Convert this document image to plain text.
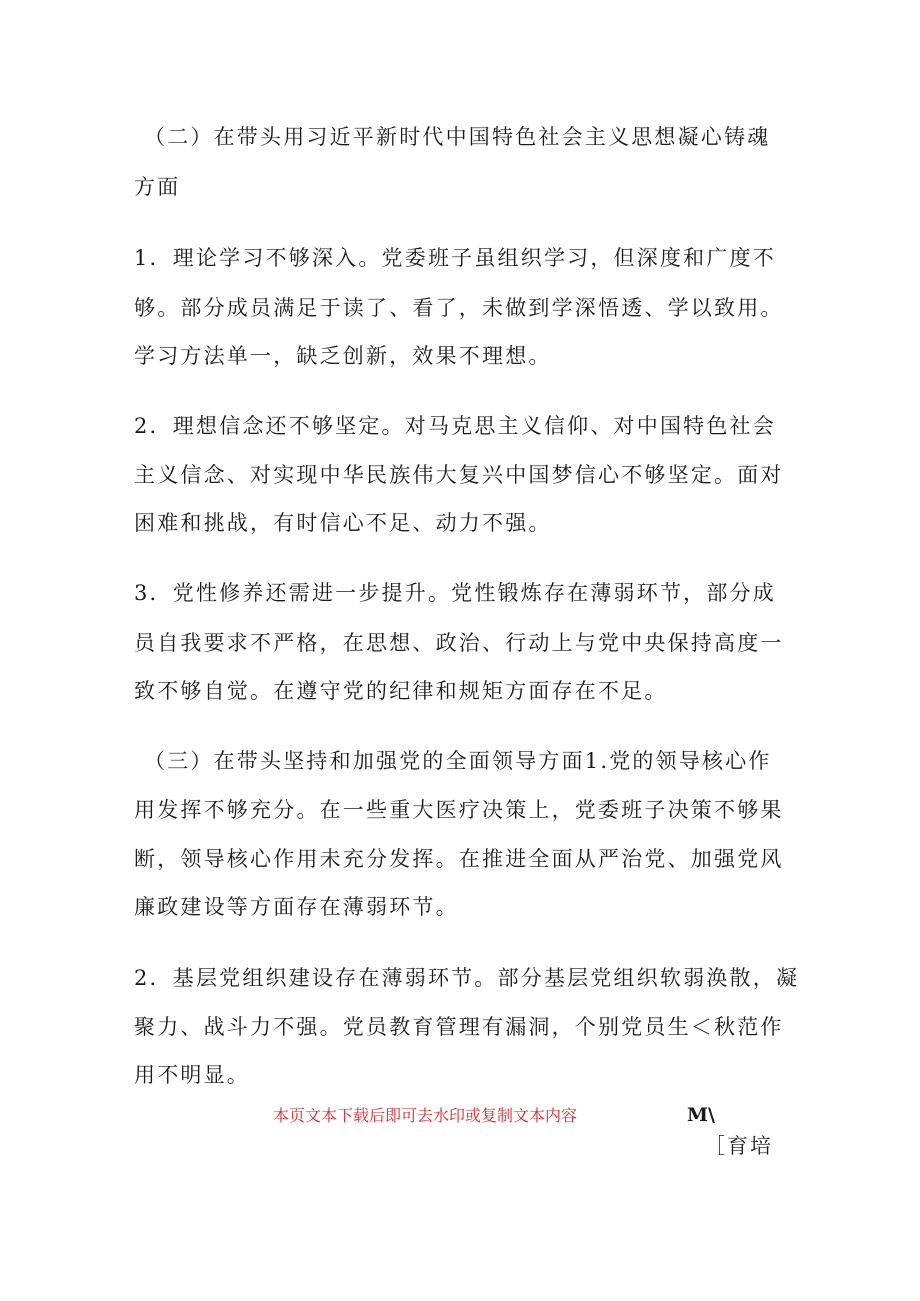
（二）在带头用习近平新时代中国特色社会主义思想凝心铸魂
方面
1．理论学习不够深入。党委班子虽组织学习，但深度和广度不
够。部分成员满足于读了、看了，未做到学深悟透、学以致用。
学习方法单一，缺乏创新，效果不理想。
2．理想信念还不够坚定。对马克思主义信仰、对中国特色社会
主义信念、对实现中华民族伟大复兴中国梦信心不够坚定。面对
困难和挑战，有时信心不足、动力不强。
3．党性修养还需进一步提升。党性锻炼存在薄弱环节，部分成
员自我要求不严格，在思想、政治、行动上与党中央保持高度一
致不够自觉。在遵守党的纪律和规矩方面存在不足。
（三）在带头坚持和加强党的全面领导方面1.党的领导核心作
用发挥不够充分。在一些重大医疗决策上，党委班子决策不够果
断，领导核心作用未充分发挥。在推进全面从严治党、加强党风
廉政建设等方面存在薄弱环节。
2．基层党组织建设存在薄弱环节。部分基层党组织软弱涣散，凝
聚力、战斗力不强。党员教育管理有漏洞，个别党员生＜秋范作
用不明显。
本页文本下载后即可去水印或复制文本内容	M\
［育培
